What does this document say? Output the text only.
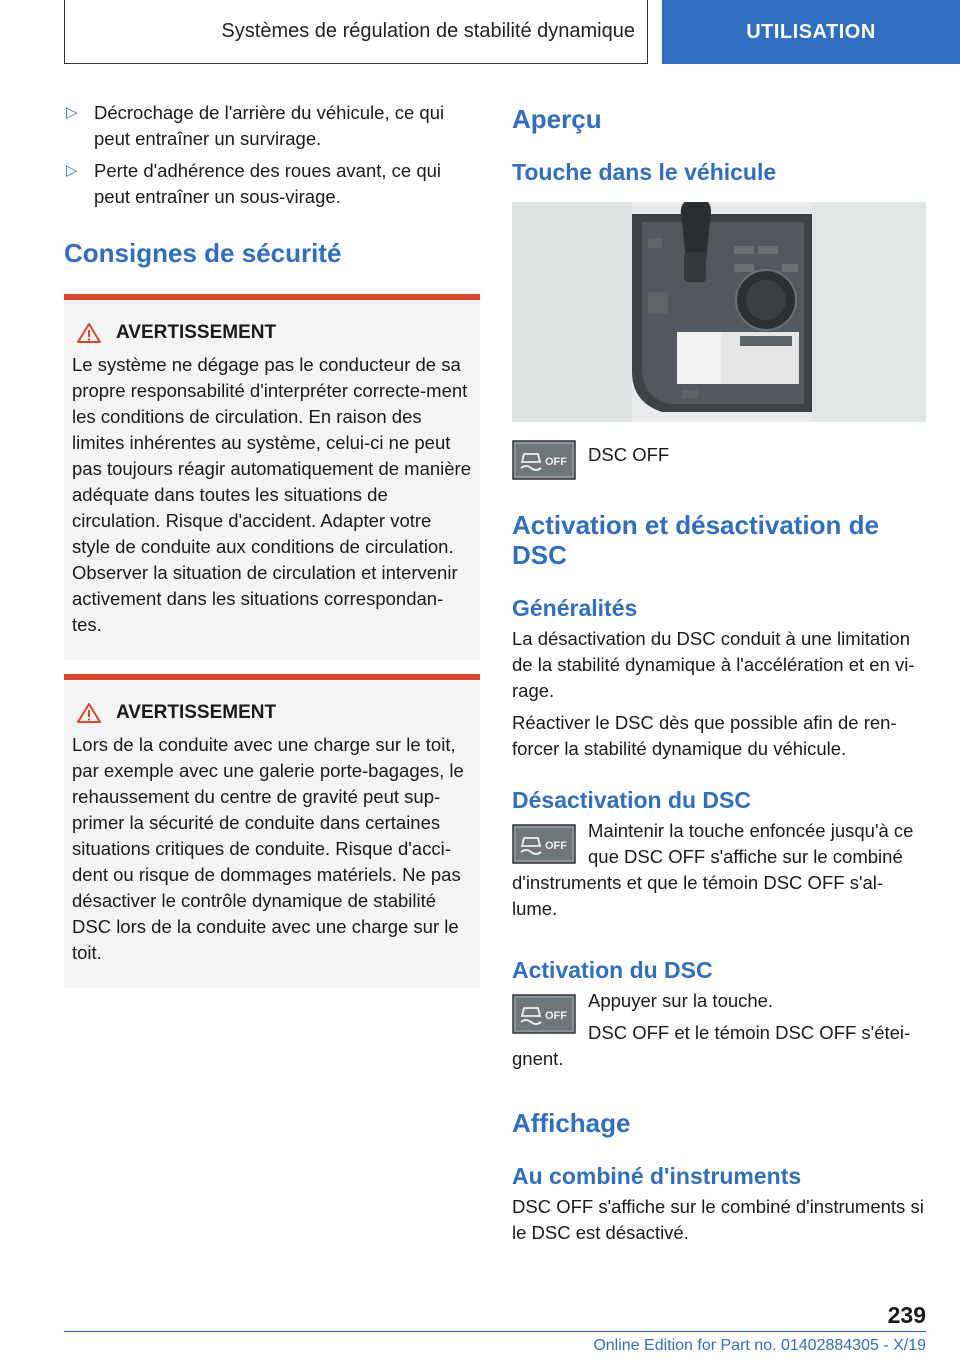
Systèmes de régulation de stabilité dynamique	UTILISATION
▷ Décrochage de l'arrière du véhicule, ce qui peut entraîner un survirage.
▷ Perte d'adhérence des roues avant, ce qui peut entraîner un sous-virage.
Consignes de sécurité
AVERTISSEMENT
Le système ne dégage pas le conducteur de sa propre responsabilité d'interpréter correcte-ment les conditions de circulation. En raison des limites inhérentes au système, celui-ci ne peut pas toujours réagir automatiquement de manière adéquate dans toutes les situations de circulation. Risque d'accident. Adapter votre style de conduite aux conditions de circulation. Observer la situation de circulation et intervenir activement dans les situations correspondan-tes.
AVERTISSEMENT
Lors de la conduite avec une charge sur le toit, par exemple avec une galerie porte-bagages, le rehaussement du centre de gravité peut sup-primer la sécurité de conduite dans certaines situations critiques de conduite. Risque d'acci-dent ou risque de dommages matériels. Ne pas désactiver le contrôle dynamique de stabilité DSC lors de la conduite avec une charge sur le toit.
Aperçu
Touche dans le véhicule
OFF	DSC OFF

Activation et désactivation de DSC
Généralités

La désactivation du DSC conduit à une limitation de la stabilité dynamique à l'accélération et en vi-rage.

Réactiver le DSC dès que possible afin de ren-forcer la stabilité dynamique du véhicule.

Désactivation du DSC
OFF

Maintenir la touche enfoncée jusqu'à ce que DSC OFF s'affiche sur le combiné d'instruments et que le témoin DSC OFF s'al-lume.

Activation du DSC
OFF

Appuyer sur la touche.

DSC OFF et le témoin DSC OFF s'étei-gnent.

Affichage
Au combiné d'instruments

DSC OFF s'affiche sur le combiné d'instruments si le DSC est désactivé.

239
Online Edition for Part no. 01402884305 - X/19
